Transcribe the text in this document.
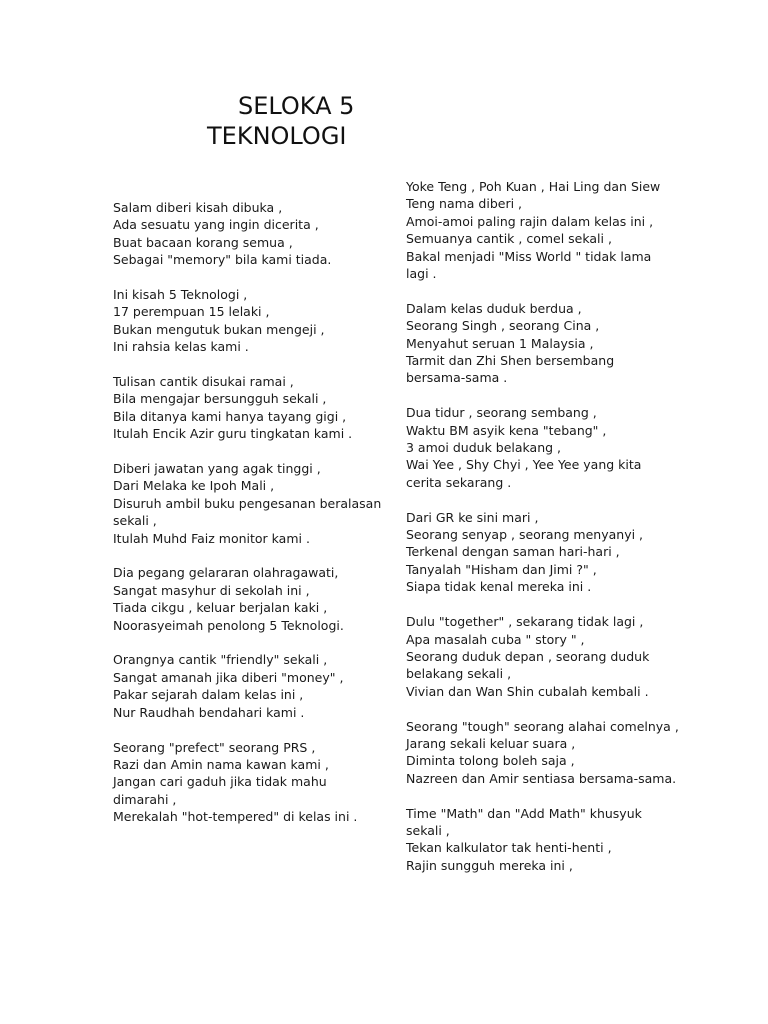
SELOKA 5
TEKNOLOGI
Salam diberi kisah dibuka ,
Ada sesuatu yang ingin dicerita ,
Buat bacaan korang semua ,
Sebagai "memory" bila kami tiada.
Ini kisah 5 Teknologi ,
17 perempuan 15 lelaki ,
Bukan mengutuk bukan mengeji ,
Ini rahsia kelas kami .
Tulisan cantik disukai ramai ,
Bila mengajar bersungguh sekali ,
Bila ditanya kami hanya tayang gigi ,
Itulah Encik Azir guru tingkatan kami .
Diberi jawatan yang agak tinggi ,
Dari Melaka ke Ipoh Mali ,
Disuruh ambil buku pengesanan beralasan
sekali ,
Itulah Muhd Faiz monitor kami .
Dia pegang gelararan olahragawati,
Sangat masyhur di sekolah ini ,
Tiada cikgu , keluar berjalan kaki ,
Noorasyeimah penolong 5 Teknologi.
Orangnya cantik "friendly" sekali ,
Sangat amanah jika diberi "money" ,
Pakar sejarah dalam kelas ini ,
Nur Raudhah bendahari kami .
Seorang "prefect" seorang PRS ,
Razi dan Amin nama kawan kami ,
Jangan cari gaduh jika tidak mahu
dimarahi ,
Merekalah "hot-tempered" di kelas ini .
Yoke Teng , Poh Kuan , Hai Ling dan Siew
Teng nama diberi ,
Amoi-amoi paling rajin dalam kelas ini ,
Semuanya cantik , comel sekali ,
Bakal menjadi "Miss World " tidak lama
lagi .
Dalam kelas duduk berdua ,
Seorang Singh , seorang Cina ,
Menyahut seruan 1 Malaysia ,
Tarmit dan Zhi Shen bersembang
bersama-sama .
Dua tidur , seorang sembang ,
Waktu BM asyik kena "tebang" ,
3 amoi duduk belakang ,
Wai Yee , Shy Chyi , Yee Yee yang kita
cerita sekarang .
Dari GR ke sini mari ,
Seorang senyap , seorang menyanyi ,
Terkenal dengan saman hari-hari ,
Tanyalah "Hisham dan Jimi ?" ,
Siapa tidak kenal mereka ini .
Dulu "together" , sekarang tidak lagi ,
Apa masalah cuba " story " ,
Seorang duduk depan , seorang duduk
belakang sekali ,
Vivian dan Wan Shin cubalah kembali .
Seorang "tough" seorang alahai comelnya ,
Jarang sekali keluar suara ,
Diminta tolong boleh saja ,
Nazreen dan Amir sentiasa bersama-sama.
Time "Math" dan "Add Math" khusyuk
sekali ,
Tekan kalkulator tak henti-henti ,
Rajin sungguh mereka ini ,
